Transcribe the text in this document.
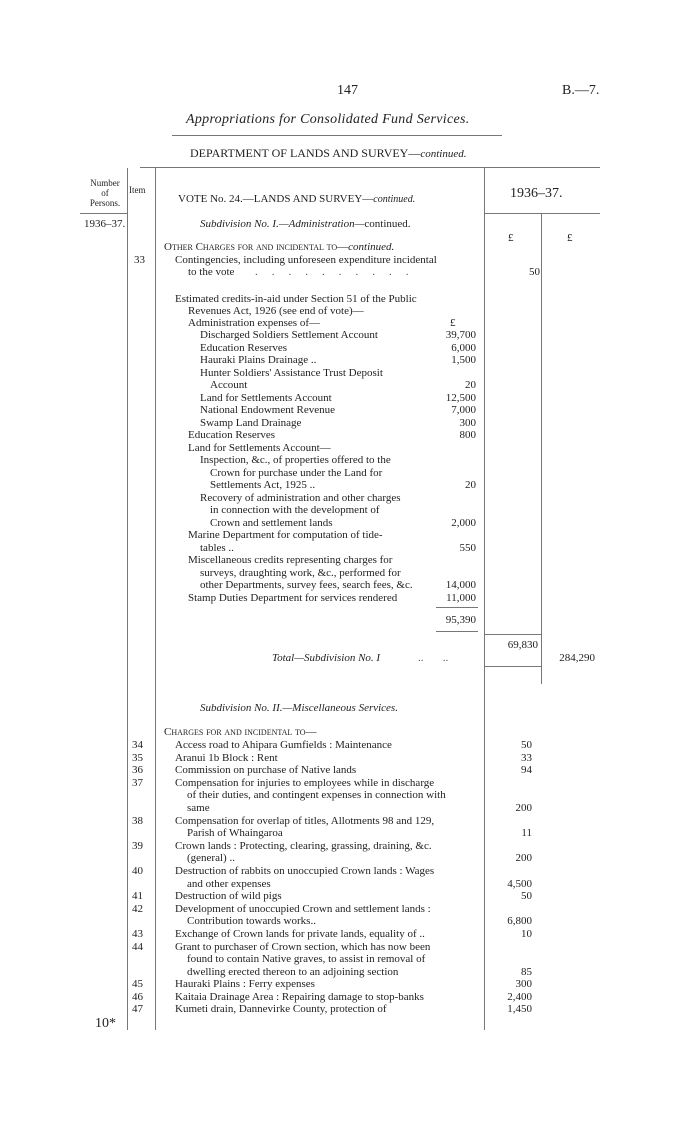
147	B.—7.
Appropriations for Consolidated Fund Services.
DEPARTMENT OF LANDS AND SURVEY—continued.
Number
of
Persons.
Item
VOTE No. 24.—LANDS AND SURVEY—continued.	1936–37.
1936–37.	Subdivision No. I.—Administration—continued.
£	£
Other Charges for and incidental to—continued.
33	Contingencies, including unforeseen expenditure incidental
to the vote ..........	50
Estimated credits-in-aid under Section 51 of the Public
Revenues Act, 1926 (see end of vote)—
Administration expenses of—	£
Discharged Soldiers Settlement Account	39,700
Education Reserves	6,000
Hauraki Plains Drainage ..	1,500
Hunter Soldiers' Assistance Trust Deposit
Account	20
Land for Settlements Account	12,500
National Endowment Revenue	7,000
Swamp Land Drainage	300
Education Reserves	800
Land for Settlements Account—
Inspection, &c., of properties offered to the
Crown for purchase under the Land for
Settlements Act, 1925 ..	20
Recovery of administration and other charges
in connection with the development of
Crown and settlement lands	2,000
Marine Department for computation of tide-
tables ..	550
Miscellaneous credits representing charges for
surveys, draughting work, &c., performed for
other Departments, survey fees, search fees, &c.	14,000
Stamp Duties Department for services rendered	11,000
95,390
69,830
Total—Subdivision No. I	..       ..	284,290
Subdivision No. II.—Miscellaneous Services.
Charges for and incidental to—
34	Access road to Ahipara Gumfields : Maintenance	50
35	Aranui 1b Block : Rent	33
36	Commission on purchase of Native lands	94
37	Compensation for injuries to employees while in discharge
of their duties, and contingent expenses in connection with
same	200
38	Compensation for overlap of titles, Allotments 98 and 129,
Parish of Whaingaroa	11
39	Crown lands : Protecting, clearing, grassing, draining, &c.
(general) ..	200
40	Destruction of rabbits on unoccupied Crown lands : Wages
and other expenses	4,500
41	Destruction of wild pigs	50
42	Development of unoccupied Crown and settlement lands :
Contribution towards works..	6,800
43	Exchange of Crown lands for private lands, equality of ..	10
44	Grant to purchaser of Crown section, which has now been
found to contain Native graves, to assist in removal of
dwelling erected thereon to an adjoining section	85
45	Hauraki Plains : Ferry expenses	300
46	Kaitaia Drainage Area : Repairing damage to stop-banks	2,400
47	Kumeti drain, Dannevirke County, protection of	1,450
10*
